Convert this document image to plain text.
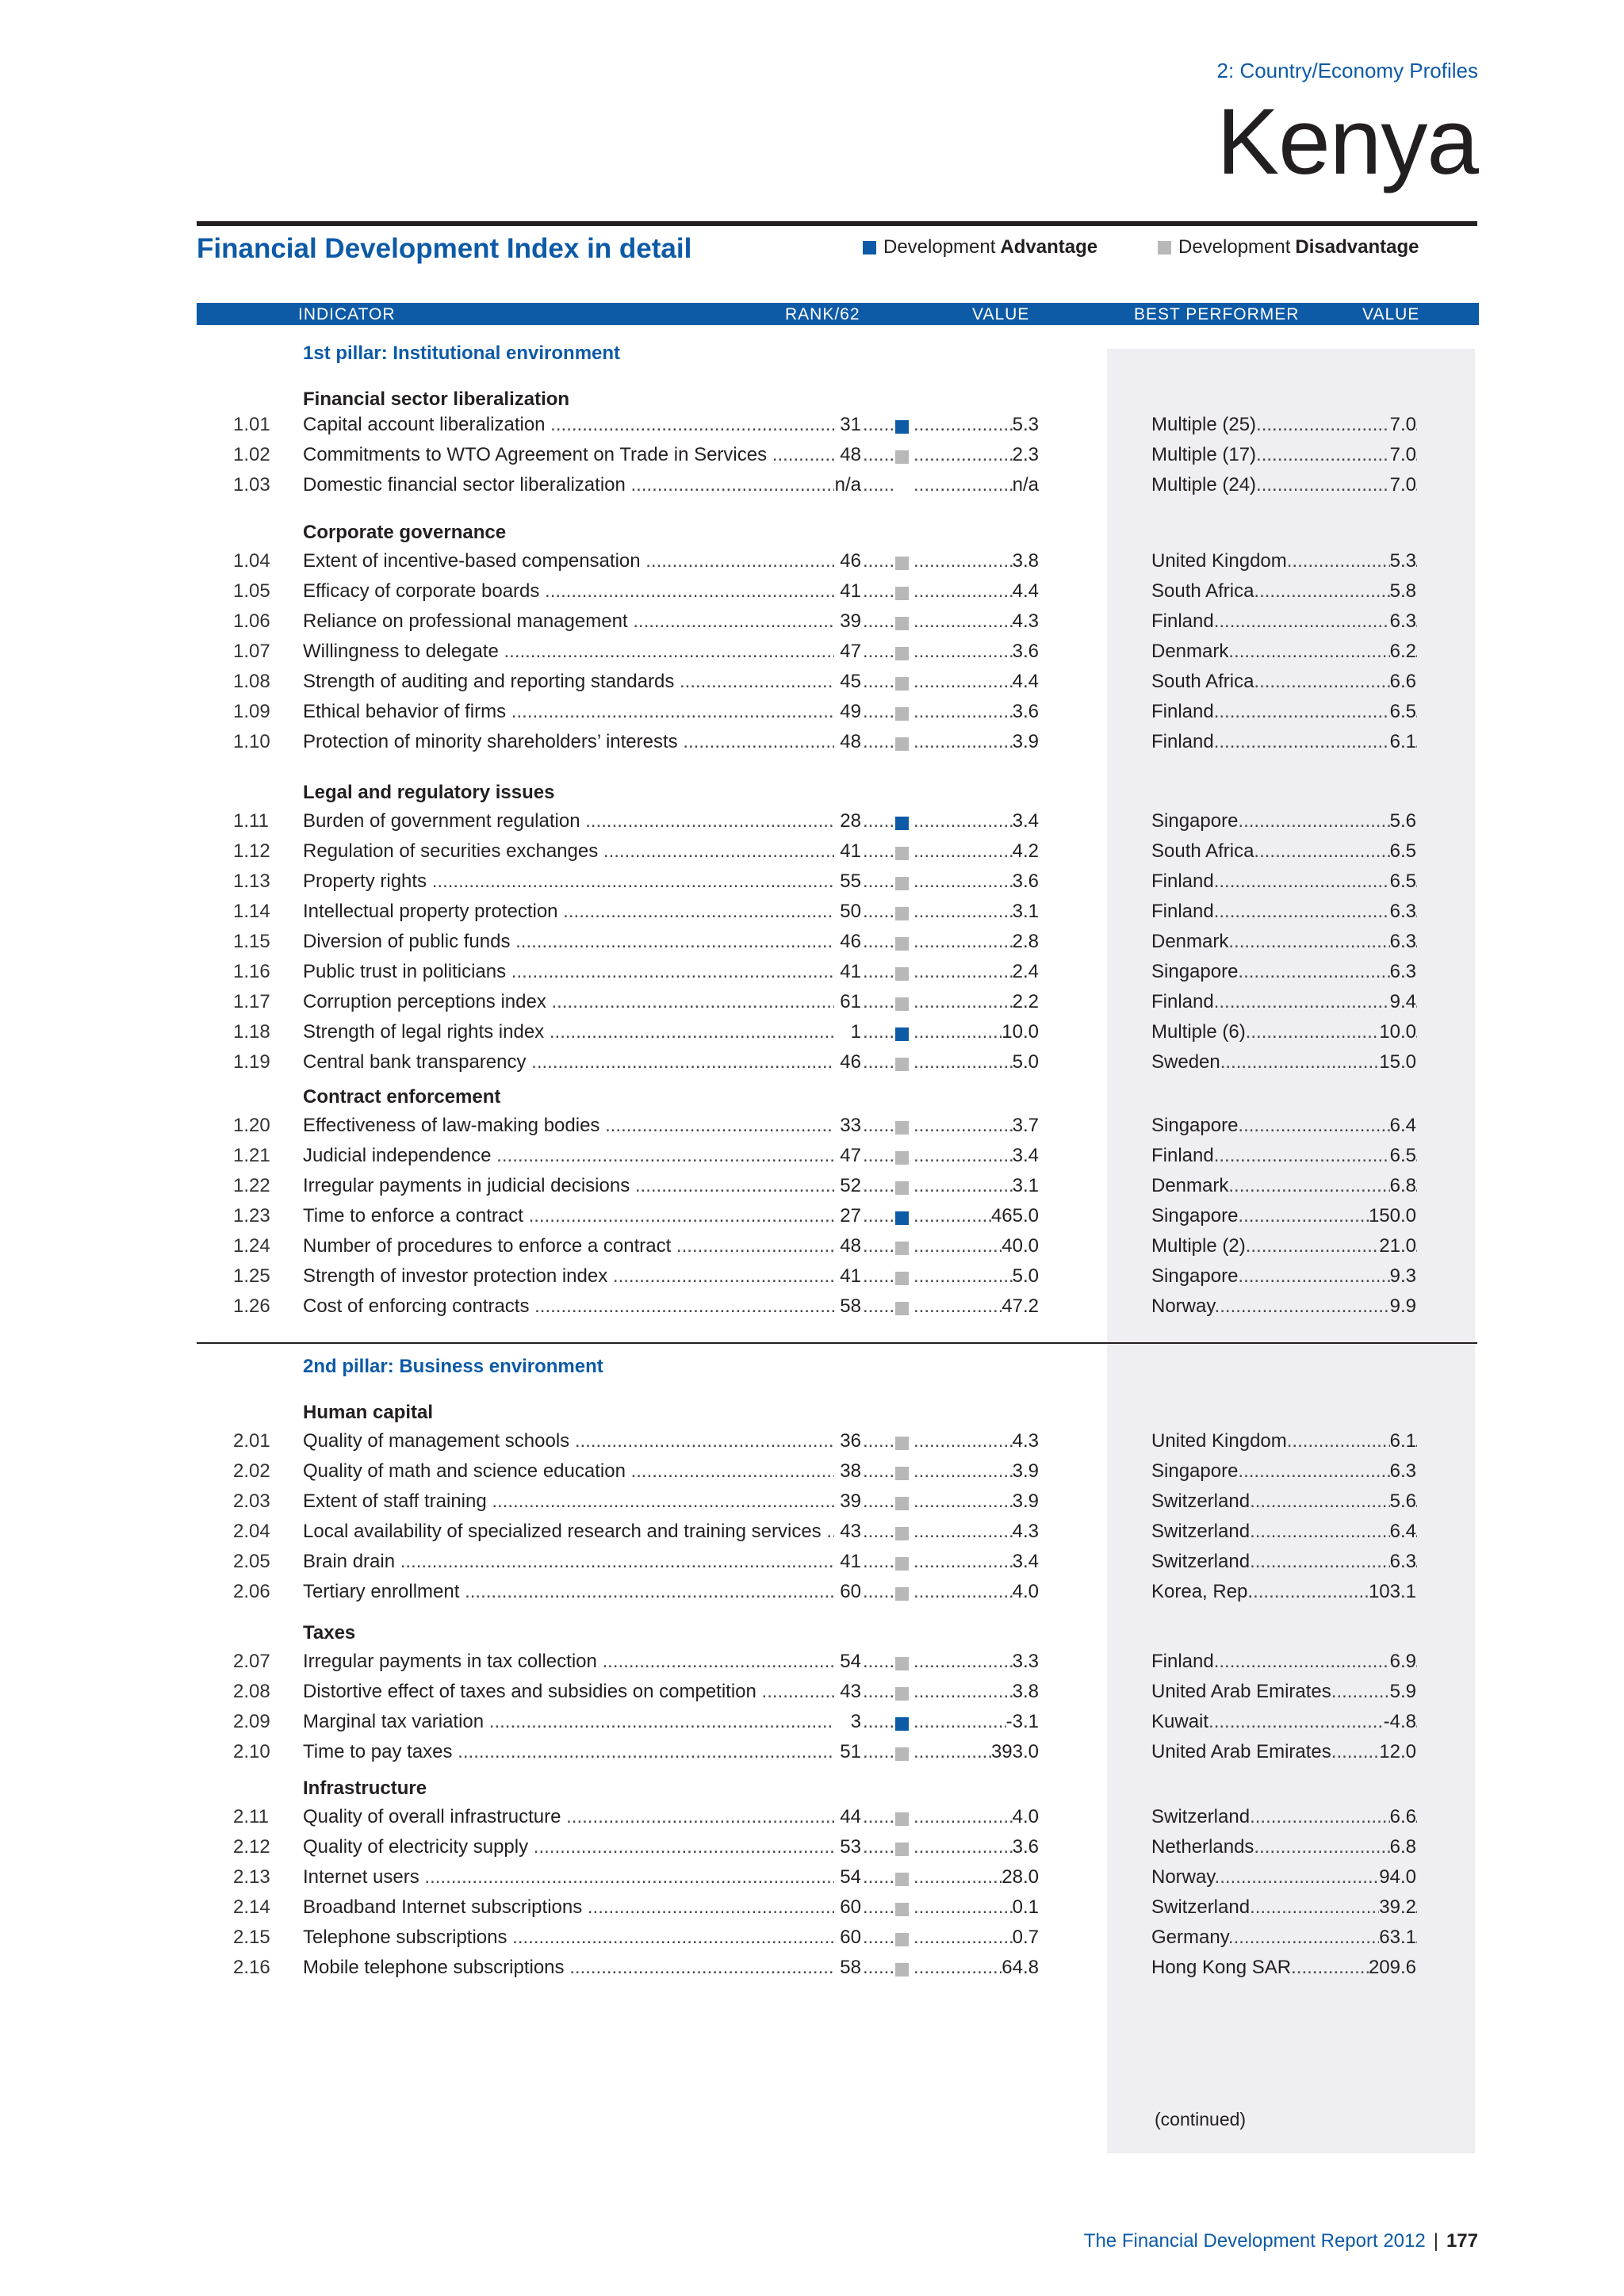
2: Country/Economy Profiles
Kenya
Financial Development Index in detail	Development Advantage	Development Disadvantage
INDICATOR	RANK/62	VALUE	BEST PERFORMER	VALUE
1st pillar: Institutional environment
Financial sector liberalization
1.01 Capital account liberalization .....	31 ..... .....	5.3	Multiple (25) .....	7.0
1.02 Commitments to WTO Agreement on Trade in Services .....	48 ..... .....	2.3	Multiple (17) .....	7.0
1.03 Domestic financial sector liberalization .....	n/a ..... .....	n/a	Multiple (24) .....	7.0
Corporate governance
1.04 Extent of incentive-based compensation .....	46 ..... .....	3.8	United Kingdom .....	5.3
1.05 Efficacy of corporate boards .....	41 ..... .....	4.4	South Africa .....	5.8
1.06 Reliance on professional management .....	39 ..... .....	4.3	Finland .....	6.3
1.07 Willingness to delegate .....	47 ..... .....	3.6	Denmark .....	6.2
1.08 Strength of auditing and reporting standards .....	45 ..... .....	4.4	South Africa .....	6.6
1.09 Ethical behavior of firms .....	49 ..... .....	3.6	Finland .....	6.5
1.10 Protection of minority shareholders’ interests .....	48 ..... .....	3.9	Finland .....	6.1
Legal and regulatory issues
1.11 Burden of government regulation .....	28 ..... .....	3.4	Singapore .....	5.6
1.12 Regulation of securities exchanges .....	41 ..... .....	4.2	South Africa .....	6.5
1.13 Property rights .....	55 ..... .....	3.6	Finland .....	6.5
1.14 Intellectual property protection .....	50 ..... .....	3.1	Finland .....	6.3
1.15 Diversion of public funds .....	46 ..... .....	2.8	Denmark .....	6.3
1.16 Public trust in politicians .....	41 ..... .....	2.4	Singapore .....	6.3
1.17 Corruption perceptions index .....	61 ..... .....	2.2	Finland .....	9.4
1.18 Strength of legal rights index .....	1 ..... .....	10.0	Multiple (6) .....	10.0
1.19 Central bank transparency .....	46 ..... .....	5.0	Sweden .....	15.0
Contract enforcement
1.20 Effectiveness of law-making bodies .....	33 ..... .....	3.7	Singapore .....	6.4
1.21 Judicial independence .....	47 ..... .....	3.4	Finland .....	6.5
1.22 Irregular payments in judicial decisions .....	52 ..... .....	3.1	Denmark .....	6.8
1.23 Time to enforce a contract .....	27 ..... .....	465.0	Singapore .....	150.0
1.24 Number of procedures to enforce a contract .....	48 ..... .....	40.0	Multiple (2) .....	21.0
1.25 Strength of investor protection index .....	41 ..... .....	5.0	Singapore .....	9.3
1.26 Cost of enforcing contracts .....	58 ..... .....	47.2	Norway .....	9.9
2nd pillar: Business environment
Human capital
2.01 Quality of management schools .....	36 ..... .....	4.3	United Kingdom .....	6.1
2.02 Quality of math and science education .....	38 ..... .....	3.9	Singapore .....	6.3
2.03 Extent of staff training .....	39 ..... .....	3.9	Switzerland .....	5.6
2.04 Local availability of specialized research and training services ..... 43 ..... .....	4.3	Switzerland .....	6.4
2.05 Brain drain .....	41 ..... .....	3.4	Switzerland .....	6.3
2.06 Tertiary enrollment .....	60 ..... .....	4.0	Korea, Rep. .....	103.1
Taxes
2.07 Irregular payments in tax collection .....	54 ..... .....	3.3	Finland .....	6.9
2.08 Distortive effect of taxes and subsidies on competition .....	43 ..... .....	3.8	United Arab Emirates .....	5.9
2.09 Marginal tax variation .....	3 ..... .....	-3.1	Kuwait .....	-4.8
2.10 Time to pay taxes .....	51 ..... .....	393.0	United Arab Emirates .....	12.0
Infrastructure
2.11 Quality of overall infrastructure .....	44 ..... .....	4.0	Switzerland .....	6.6
2.12 Quality of electricity supply .....	53 ..... .....	3.6	Netherlands .....	6.8
2.13 Internet users .....	54 ..... .....	28.0	Norway .....	94.0
2.14 Broadband Internet subscriptions .....	60 ..... .....	0.1	Switzerland .....	39.2
2.15 Telephone subscriptions .....	60 ..... .....	0.7	Germany .....	63.1
2.16 Mobile telephone subscriptions .....	58 ..... .....	64.8	Hong Kong SAR .....	209.6
(continued)
The Financial Development Report 2012 | 177
